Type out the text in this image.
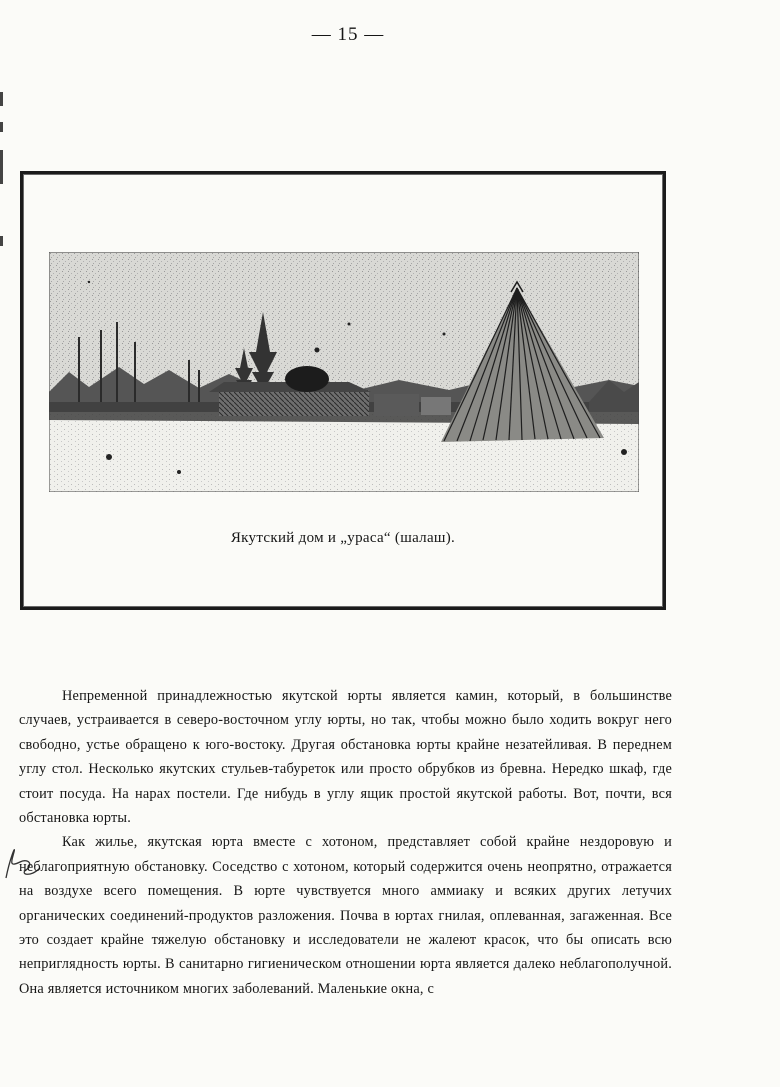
— 15 —
Якутский дом и „ураса“ (шалаш).

Непременной принадлежностью якутской юрты является камин, который, в большинстве случаев, устраивается в северо-восточном углу юрты, но так, чтобы можно было ходить вокруг него свободно, устье обращено к юго-востоку. Другая обстановка юрты крайне незатейливая. В переднем углу стол. Несколько якутских стульев-табуреток или просто обрубков из бревна. Нередко шкаф, где стоит посуда. На нарах постели. Где нибудь в углу ящик простой якутской работы. Вот, почти, вся обстановка юрты.

Как жилье, якутская юрта вместе с хотоном, представляет собой крайне нездоровую и неблагоприятную обстановку. Соседство с хотоном, который содержится очень неопрятно, отражается на воздухе всего помещения. В юрте чувствуется много аммиаку и всяких других летучих органических соединений-продуктов разложения. Почва в юртах гнилая, оплеванная, загаженная. Все это создает крайне тяжелую обстановку и исследователи не жалеют красок, что бы описать всю неприглядность юрты. В санитарно гигиеническом отношении юрта является далеко неблагополучной. Она является источником многих заболеваний. Маленькие окна, с
